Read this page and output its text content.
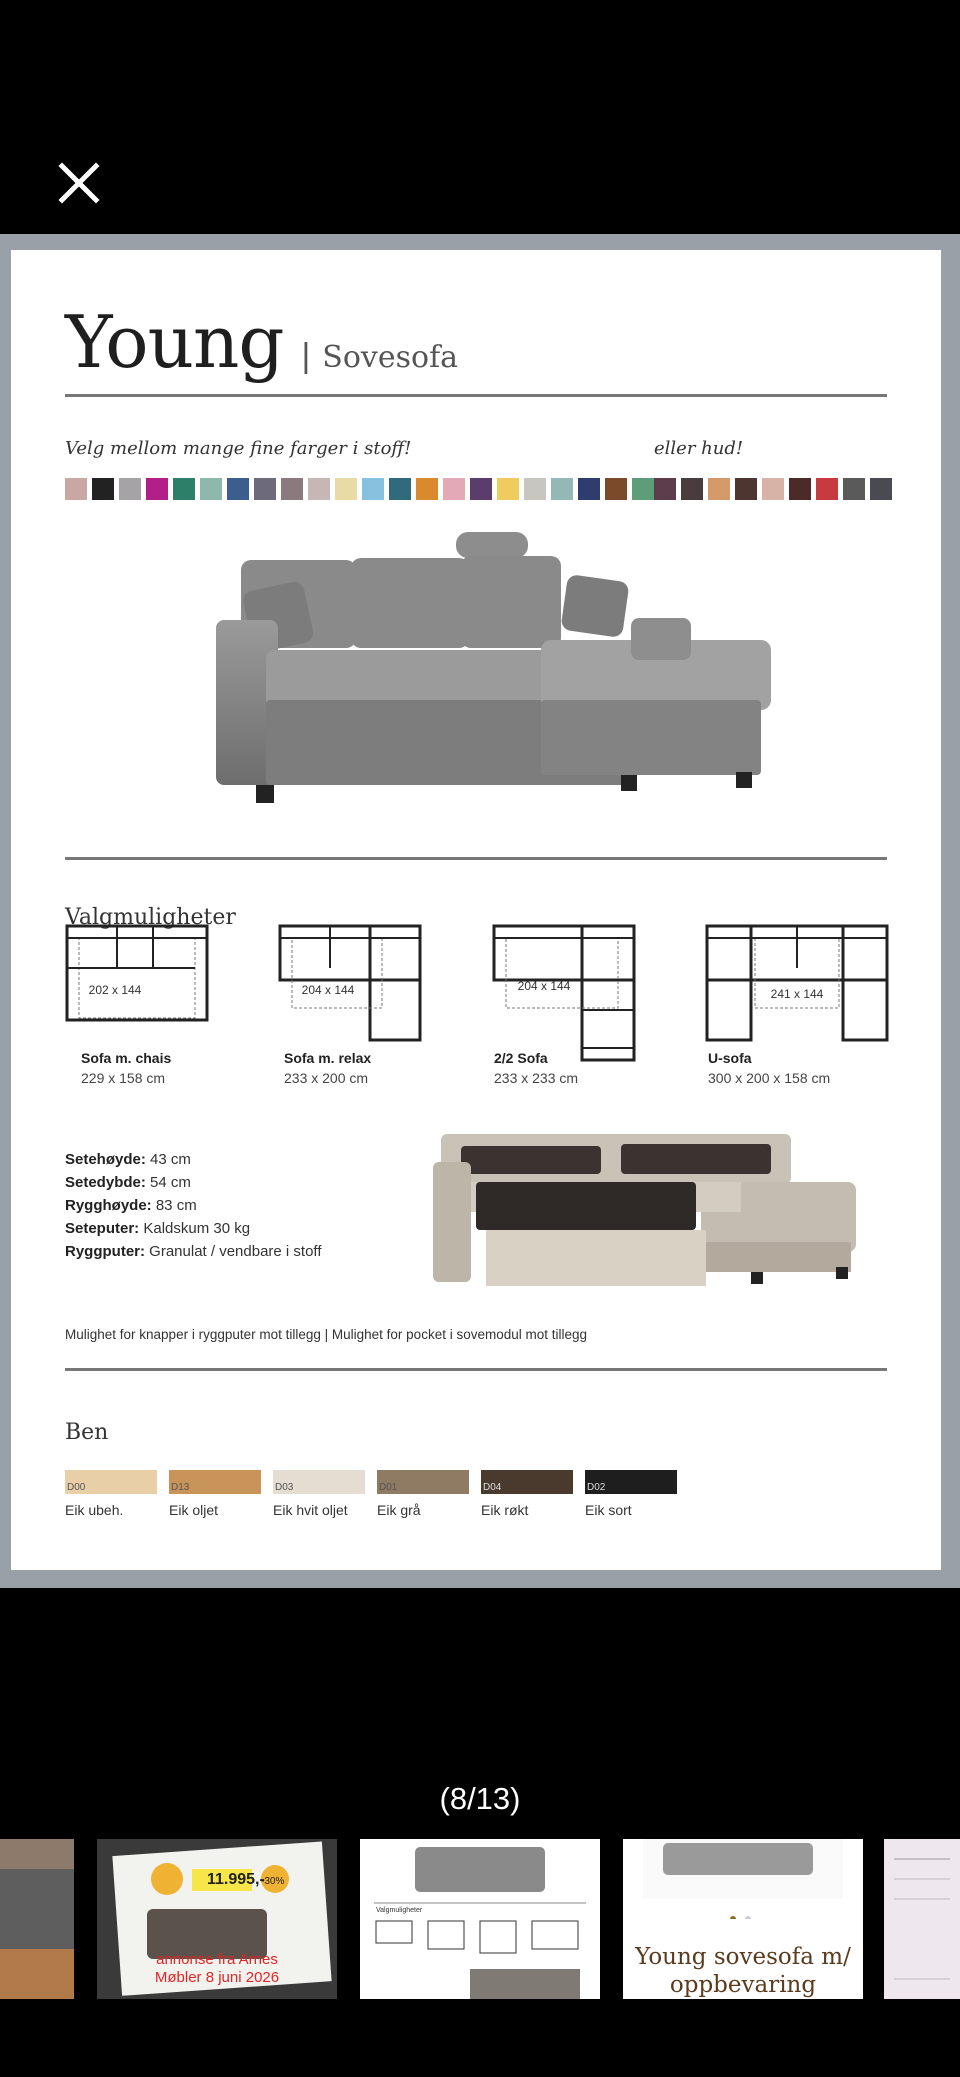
Young | Sovesofa
Velg mellom mange fine farger i stoff!	eller hud!
Valgmuligheter
202 x 144	204 x 144	204 x 144
241 x 144
Sofa m. chais
229 x 158 cm
Sofa m. relax
233 x 200 cm
2/2 Sofa
233 x 233 cm
U-sofa
300 x 200 x 158 cm
Setehøyde: 43 cm
Setedybde: 54 cm
Rygghøyde: 83 cm
Seteputer: Kaldskum 30 kg
Ryggputer: Granulat / vendbare i stoff
Mulighet for knapper i ryggputer mot tillegg | Mulighet for pocket i sovemodul mot tillegg
Ben
D00
Eik ubeh.
D13
Eik oljet
D03
Eik hvit oljet
D01
Eik grå
D04
Eik røkt
D02
Eik sort
(8/13)
11.995,-
-30%
annonse fra Arnes Møbler 8 juni 2026
Valgmuligheter
Young sovesofa m/ oppbevaring
